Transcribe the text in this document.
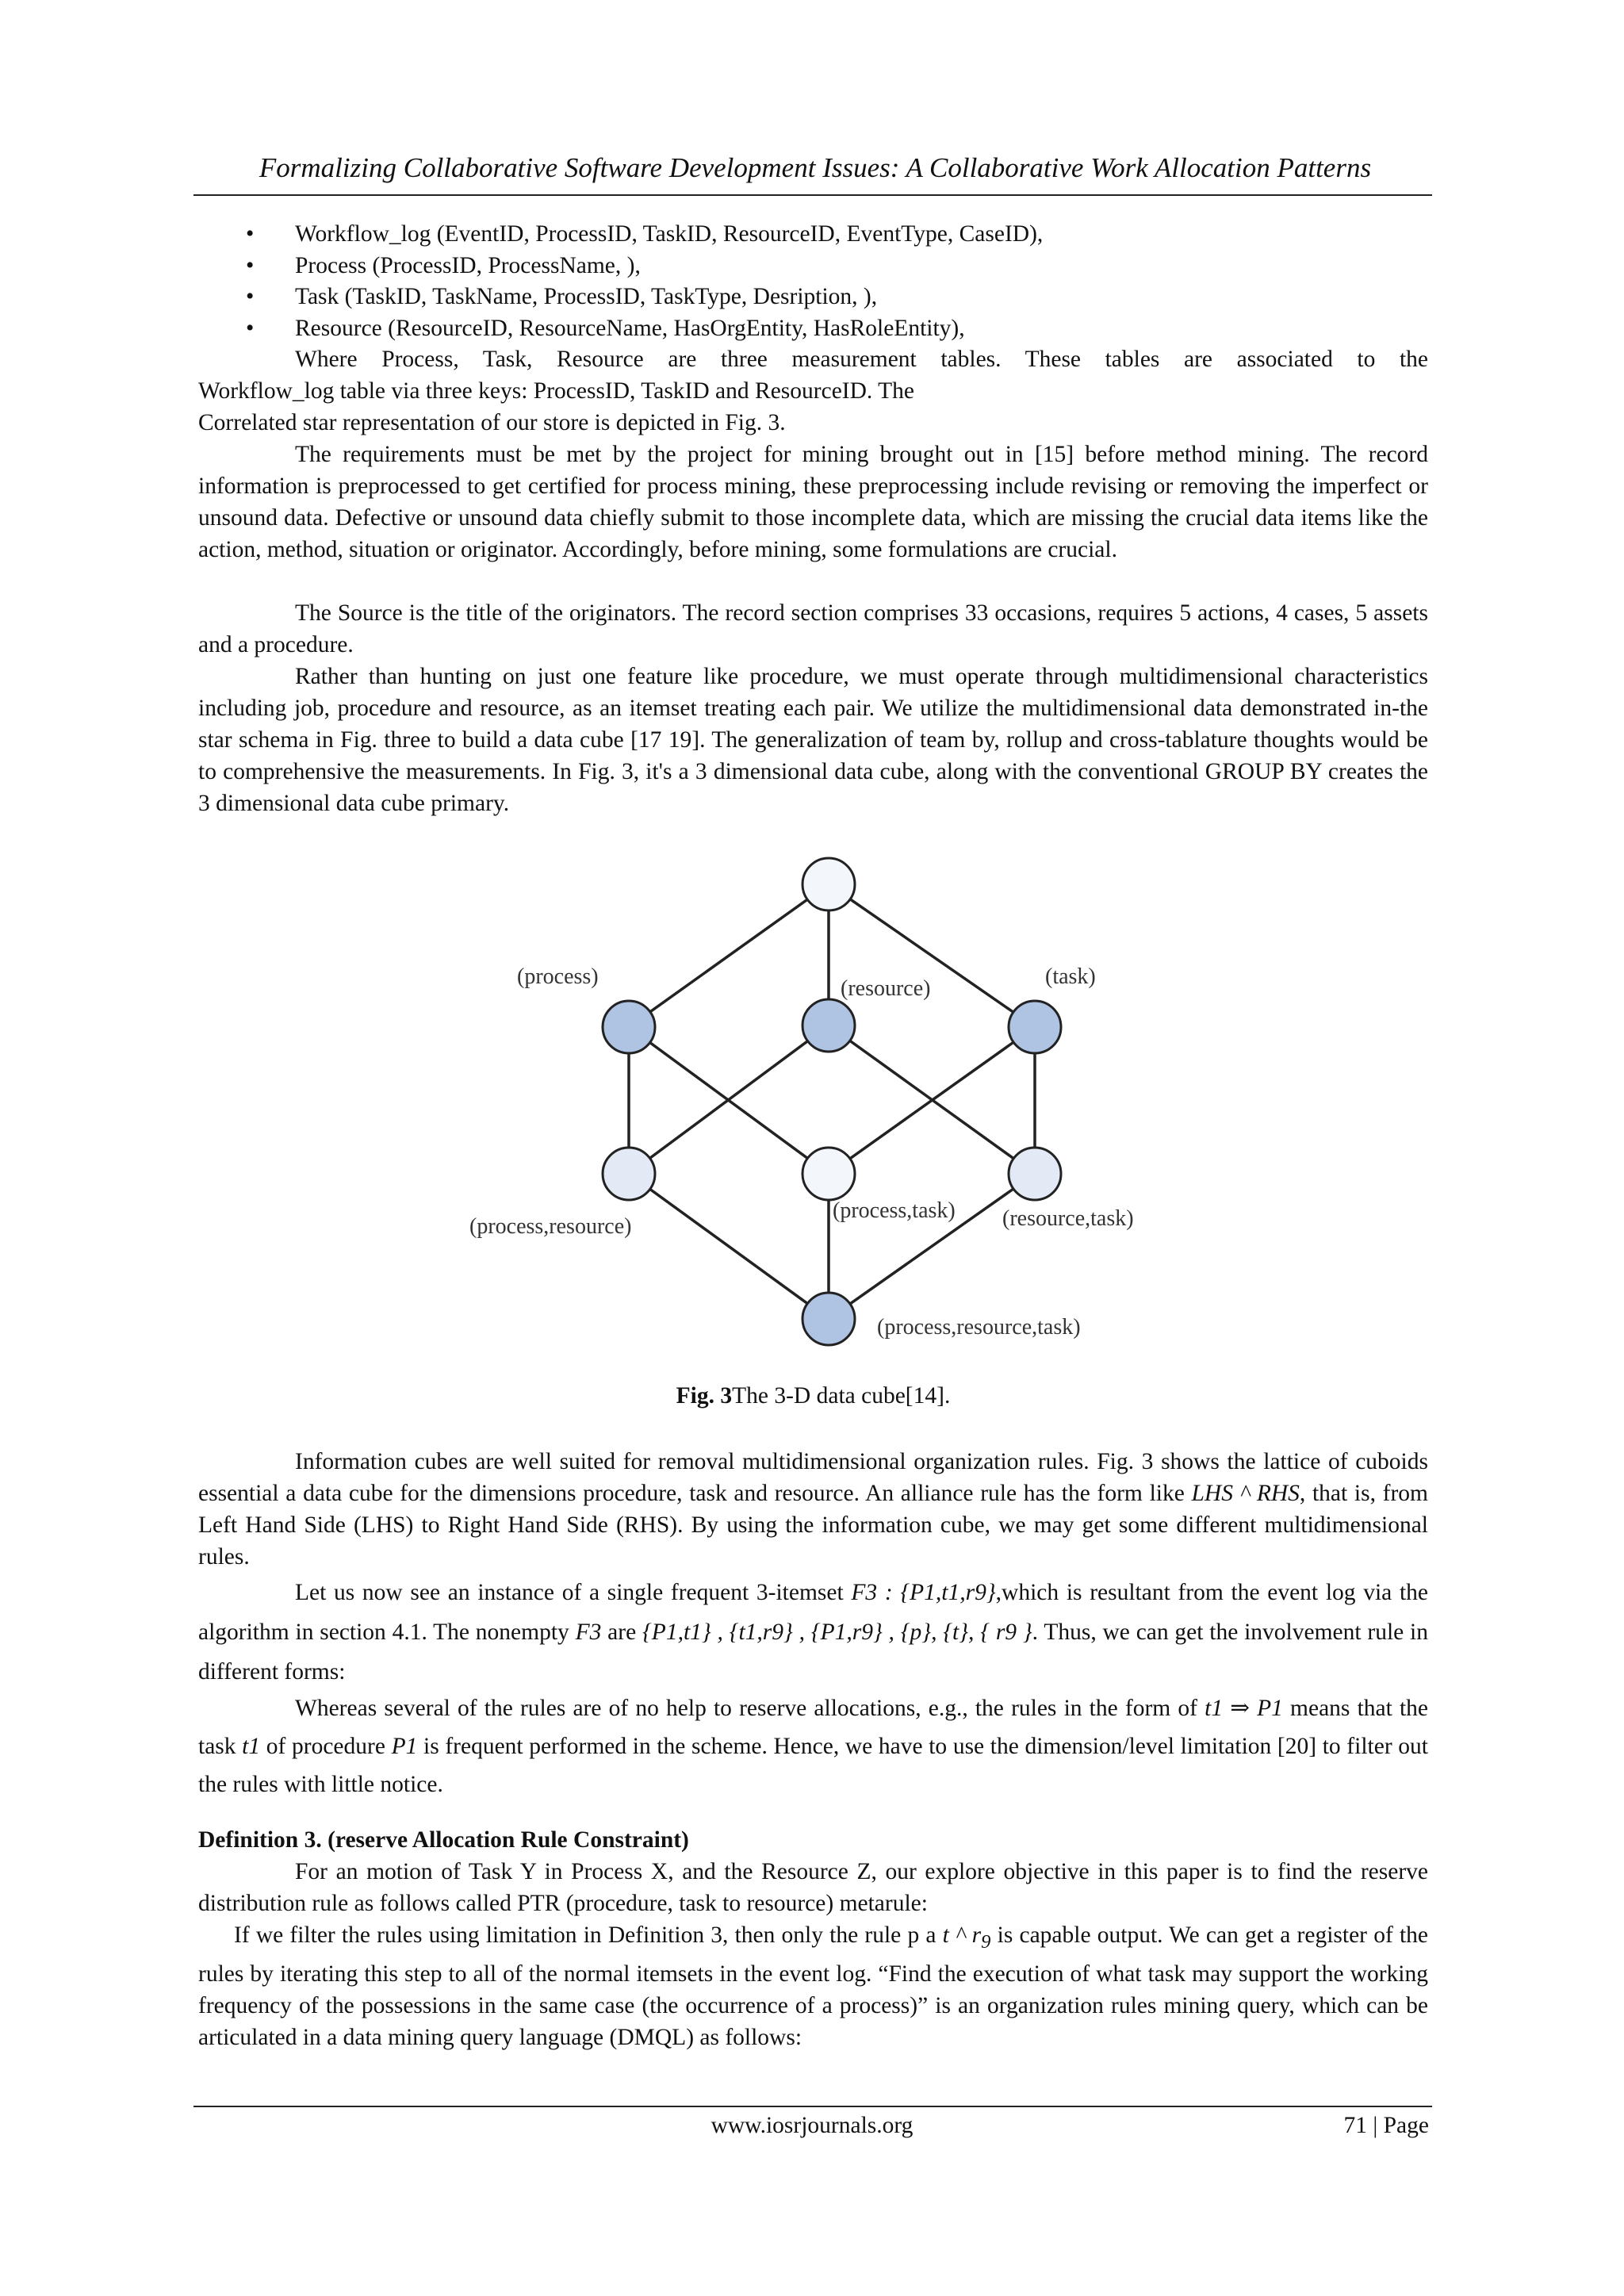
Formalizing Collaborative Software Development Issues: A Collaborative Work Allocation Patterns
• Workflow_log (EventID, ProcessID, TaskID, ResourceID, EventType, CaseID),
• Process (ProcessID, ProcessName, ),
• Task (TaskID, TaskName, ProcessID, TaskType, Desription, ),
• Resource (ResourceID, ResourceName, HasOrgEntity, HasRoleEntity),
Where Process, Task, Resource are three measurement tables. These tables are associated to the
Workflow_log table via three keys: ProcessID, TaskID and ResourceID. The
Correlated star representation of our store is depicted in Fig. 3.
The requirements must be met by the project for mining brought out in [15] before method mining. The record information is preprocessed to get certified for process mining, these preprocessing include revising or removing the imperfect or unsound data. Defective or unsound data chiefly submit to those incomplete data, which are missing the crucial data items like the action, method, situation or originator. Accordingly, before mining, some formulations are crucial.
The Source is the title of the originators. The record section comprises 33 occasions, requires 5 actions, 4 cases, 5 assets and a procedure.
Rather than hunting on just one feature like procedure, we must operate through multidimensional characteristics including job, procedure and resource, as an itemset treating each pair. We utilize the multidimensional data demonstrated in-the star schema in Fig. three to build a data cube [17 19]. The generalization of team by, rollup and cross-tablature thoughts would be to comprehensive the measurements. In Fig. 3, it's a 3 dimensional data cube, along with the conventional GROUP BY creates the 3 dimensional data cube primary.
(process)	(resource)	(task)
(process,resource)
(process,task) (resource,task)
(process,resource,task)
Fig. 3The 3-D data cube[14].
Information cubes are well suited for removal multidimensional organization rules. Fig. 3 shows the lattice of cuboids essential a data cube for the dimensions procedure, task and resource. An alliance rule has the form like LHS ^ RHS, that is, from Left Hand Side (LHS) to Right Hand Side (RHS). By using the information cube, we may get some different multidimensional rules.
Let us now see an instance of a single frequent 3-itemset F3 : {P1,t1,r9},which is resultant from the event log via the algorithm in section 4.1. The nonempty F3 are {P1,t1} , {t1,r9} , {P1,r9} , {p}, {t}, { r9 }. Thus, we can get the involvement rule in different forms:
Whereas several of the rules are of no help to reserve allocations, e.g., the rules in the form of t1 ⇒ P1 means that the task t1 of procedure P1 is frequent performed in the scheme. Hence, we have to use the dimension/level limitation [20] to filter out the rules with little notice.
Definition 3. (reserve Allocation Rule Constraint)
For an motion of Task Y in Process X, and the Resource Z, our explore objective in this paper is to find the reserve distribution rule as follows called PTR (procedure, task to resource) metarule:
If we filter the rules using limitation in Definition 3, then only the rule p a t ^ $r_9$ is capable output. We can get a register of the rules by iterating this step to all of the normal itemsets in the event log. “Find the execution of what task may support the working frequency of the possessions in the same case (the occurrence of a process)” is an organization rules mining query, which can be articulated in a data mining query language (DMQL) as follows:
www.iosrjournals.org	71 | Page
